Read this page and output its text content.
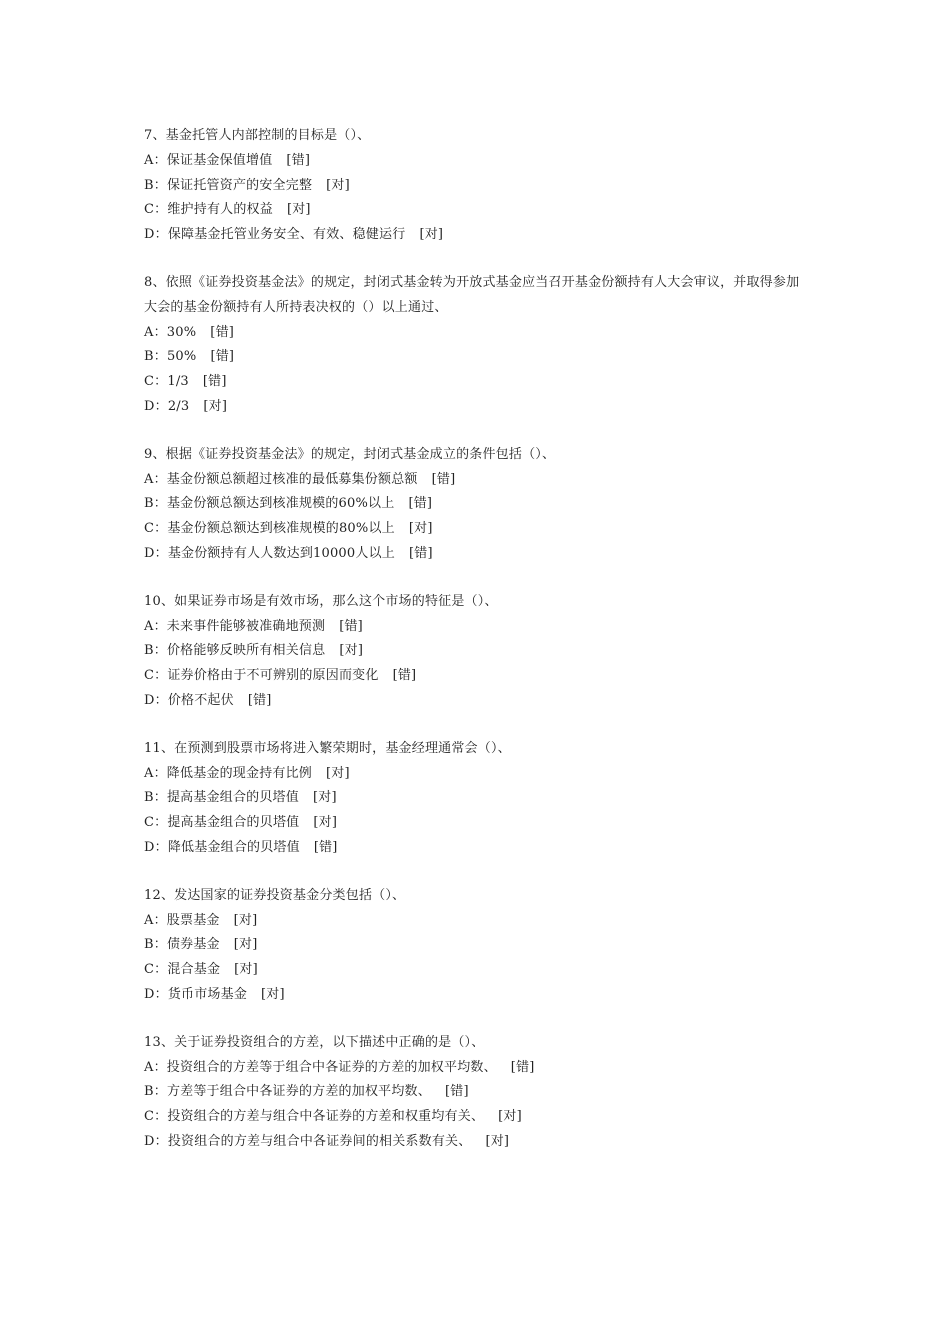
7、基金托管人内部控制的目标是（）、
A：保证基金保值增值 [错]
B：保证托管资产的安全完整 [对]
C：维护持有人的权益 [对]
D：保障基金托管业务安全、有效、稳健运行 [对]
8、依照《证券投资基金法》的规定，封闭式基金转为开放式基金应当召开基金份额持有人大会审议，并取得参加大会的基金份额持有人所持表决权的（）以上通过、
A：30% [错]
B：50% [错]
C：1/3 [错]
D：2/3 [对]
9、根据《证券投资基金法》的规定，封闭式基金成立的条件包括（）、
A：基金份额总额超过核准的最低募集份额总额 [错]
B：基金份额总额达到核准规模的60%以上 [错]
C：基金份额总额达到核准规模的80%以上 [对]
D：基金份额持有人人数达到10000人以上 [错]
10、如果证券市场是有效市场，那么这个市场的特征是（）、
A：未来事件能够被准确地预测 [错]
B：价格能够反映所有相关信息 [对]
C：证券价格由于不可辨别的原因而变化 [错]
D：价格不起伏 [错]
11、在预测到股票市场将进入繁荣期时，基金经理通常会（）、
A：降低基金的现金持有比例 [对]
B：提高基金组合的贝塔值 [对]
C：提高基金组合的贝塔值 [对]
D：降低基金组合的贝塔值 [错]
12、发达国家的证券投资基金分类包括（）、
A：股票基金 [对]
B：债券基金 [对]
C：混合基金 [对]
D：货币市场基金 [对]
13、关于证券投资组合的方差，以下描述中正确的是（）、
A：投资组合的方差等于组合中各证券的方差的加权平均数、 [错]
B：方差等于组合中各证券的方差的加权平均数、 [错]
C：投资组合的方差与组合中各证券的方差和权重均有关、 [对]
D：投资组合的方差与组合中各证券间的相关系数有关、 [对]
